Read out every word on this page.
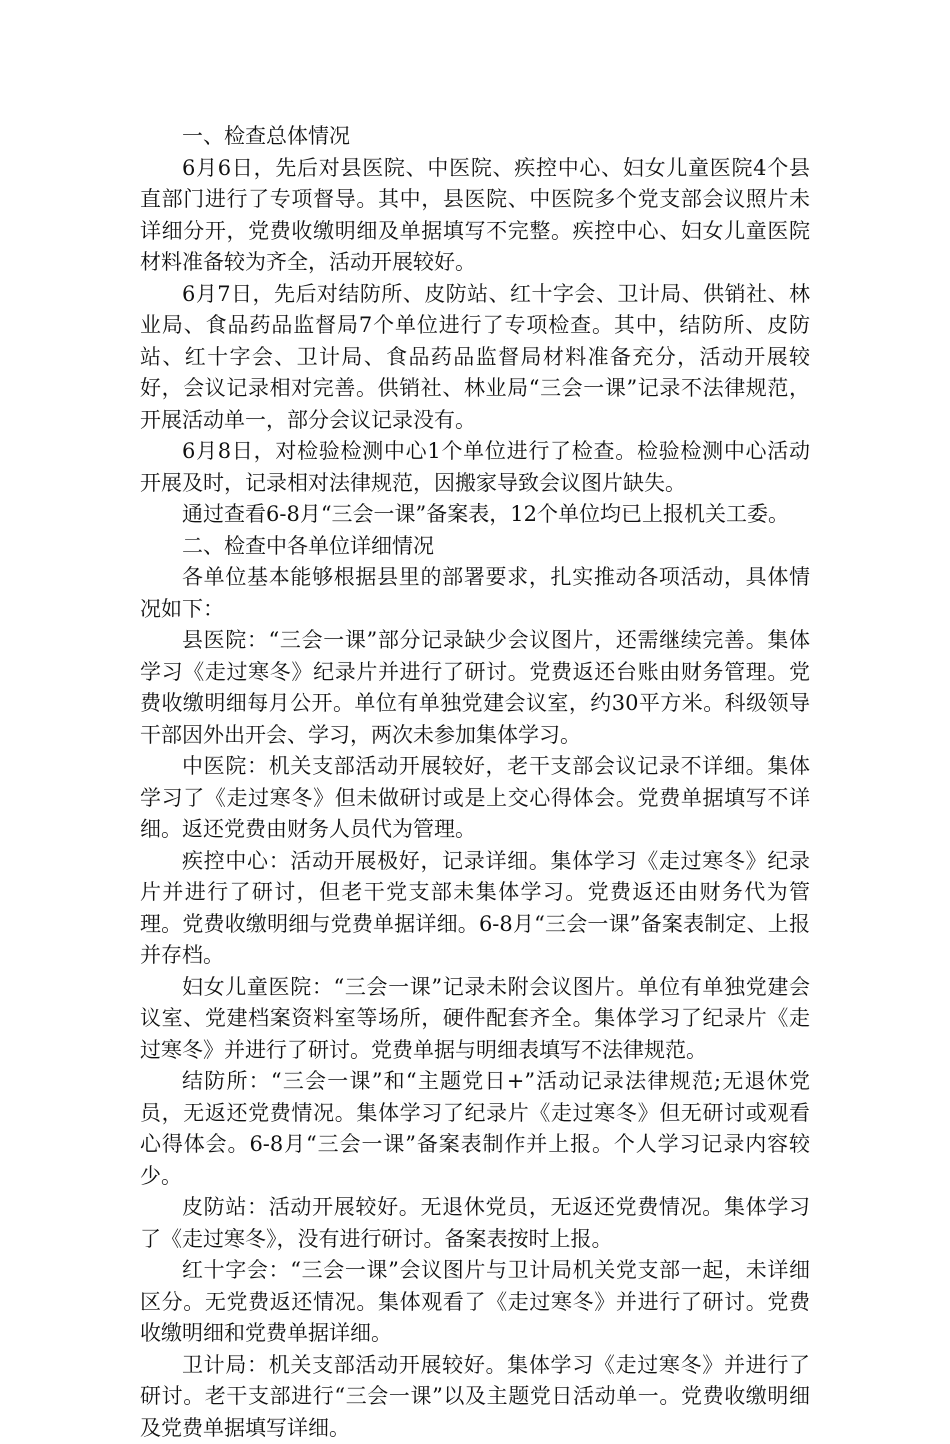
一、检查总体情况

6月6日，先后对县医院、中医院、疾控中心、妇女儿童医院4个县直部门进行了专项督导。其中，县医院、中医院多个党支部会议照片未详细分开，党费收缴明细及单据填写不完整。疾控中心、妇女儿童医院材料准备较为齐全，活动开展较好。

6月7日，先后对结防所、皮防站、红十字会、卫计局、供销社、林业局、食品药品监督局7个单位进行了专项检查。其中，结防所、皮防站、红十字会、卫计局、食品药品监督局材料准备充分，活动开展较好，会议记录相对完善。供销社、林业局“三会一课”记录不法律规范，开展活动单一，部分会议记录没有。

6月8日，对检验检测中心1个单位进行了检查。检验检测中心活动开展及时，记录相对法律规范，因搬家导致会议图片缺失。

通过查看6-8月“三会一课”备案表，12个单位均已上报机关工委。

二、检查中各单位详细情况

各单位基本能够根据县里的部署要求，扎实推动各项活动，具体情况如下：

县医院：“三会一课”部分记录缺少会议图片，还需继续完善。集体学习《走过寒冬》纪录片并进行了研讨。党费返还台账由财务管理。党费收缴明细每月公开。单位有单独党建会议室，约30平方米。科级领导干部因外出开会、学习，两次未参加集体学习。

中医院：机关支部活动开展较好，老干支部会议记录不详细。集体学习了《走过寒冬》但未做研讨或是上交心得体会。党费单据填写不详细。返还党费由财务人员代为管理。

疾控中心：活动开展极好，记录详细。集体学习《走过寒冬》纪录片并进行了研讨，但老干党支部未集体学习。党费返还由财务代为管理。党费收缴明细与党费单据详细。6-8月“三会一课”备案表制定、上报并存档。

妇女儿童医院：“三会一课”记录未附会议图片。单位有单独党建会议室、党建档案资料室等场所，硬件配套齐全。集体学习了纪录片《走过寒冬》并进行了研讨。党费单据与明细表填写不法律规范。

结防所：“三会一课”和“主题党日+”活动记录法律规范;无退休党员，无返还党费情况。集体学习了纪录片《走过寒冬》但无研讨或观看心得体会。6-8月“三会一课”备案表制作并上报。个人学习记录内容较少。

皮防站：活动开展较好。无退休党员，无返还党费情况。集体学习了《走过寒冬》，没有进行研讨。备案表按时上报。

红十字会：“三会一课”会议图片与卫计局机关党支部一起，未详细区分。无党费返还情况。集体观看了《走过寒冬》并进行了研讨。党费收缴明细和党费单据详细。

卫计局：机关支部活动开展较好。集体学习《走过寒冬》并进行了研讨。老干支部进行“三会一课”以及主题党日活动单一。党费收缴明细及党费单据填写详细。
